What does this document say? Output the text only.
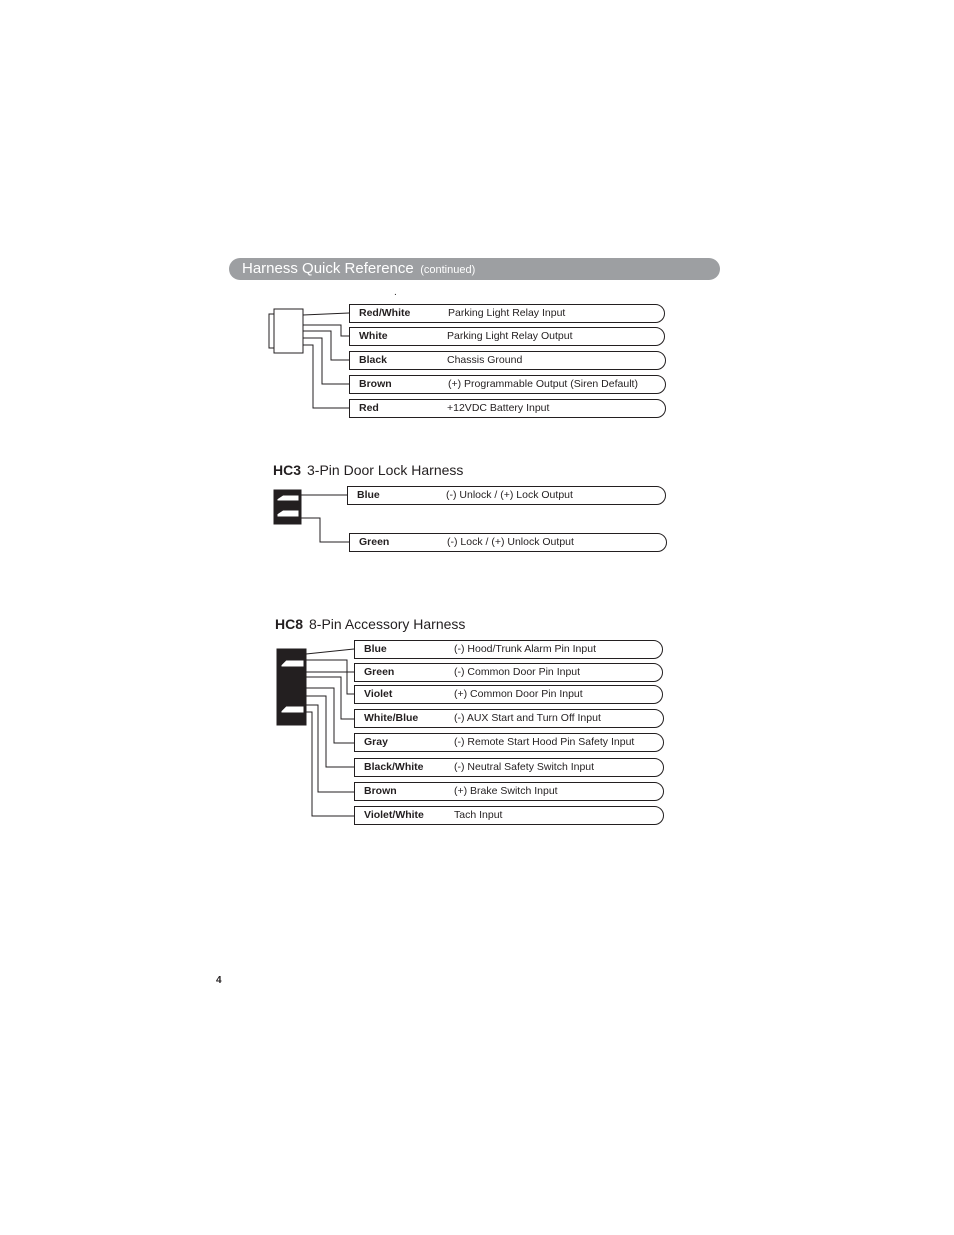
Harness Quick Reference (continued)
.
Red/White	Parking Light Relay Input
White	Parking Light Relay Output
Black	Chassis Ground
Brown	(+) Programmable Output (Siren Default)
Red	+12VDC Battery Input
HC3 3-Pin Door Lock Harness
Blue	(-) Unlock / (+) Lock Output
Green	(-) Lock / (+) Unlock Output
HC8 8-Pin Accessory Harness
Blue	(-) Hood/Trunk Alarm Pin Input
Green	(-) Common Door Pin Input
Violet	(+) Common Door Pin Input
White/Blue	(-) AUX Start and Turn Off Input
Gray	(-) Remote Start Hood Pin Safety Input
Black/White	(-) Neutral Safety Switch Input
Brown	(+) Brake Switch Input
Violet/White	Tach Input
4
